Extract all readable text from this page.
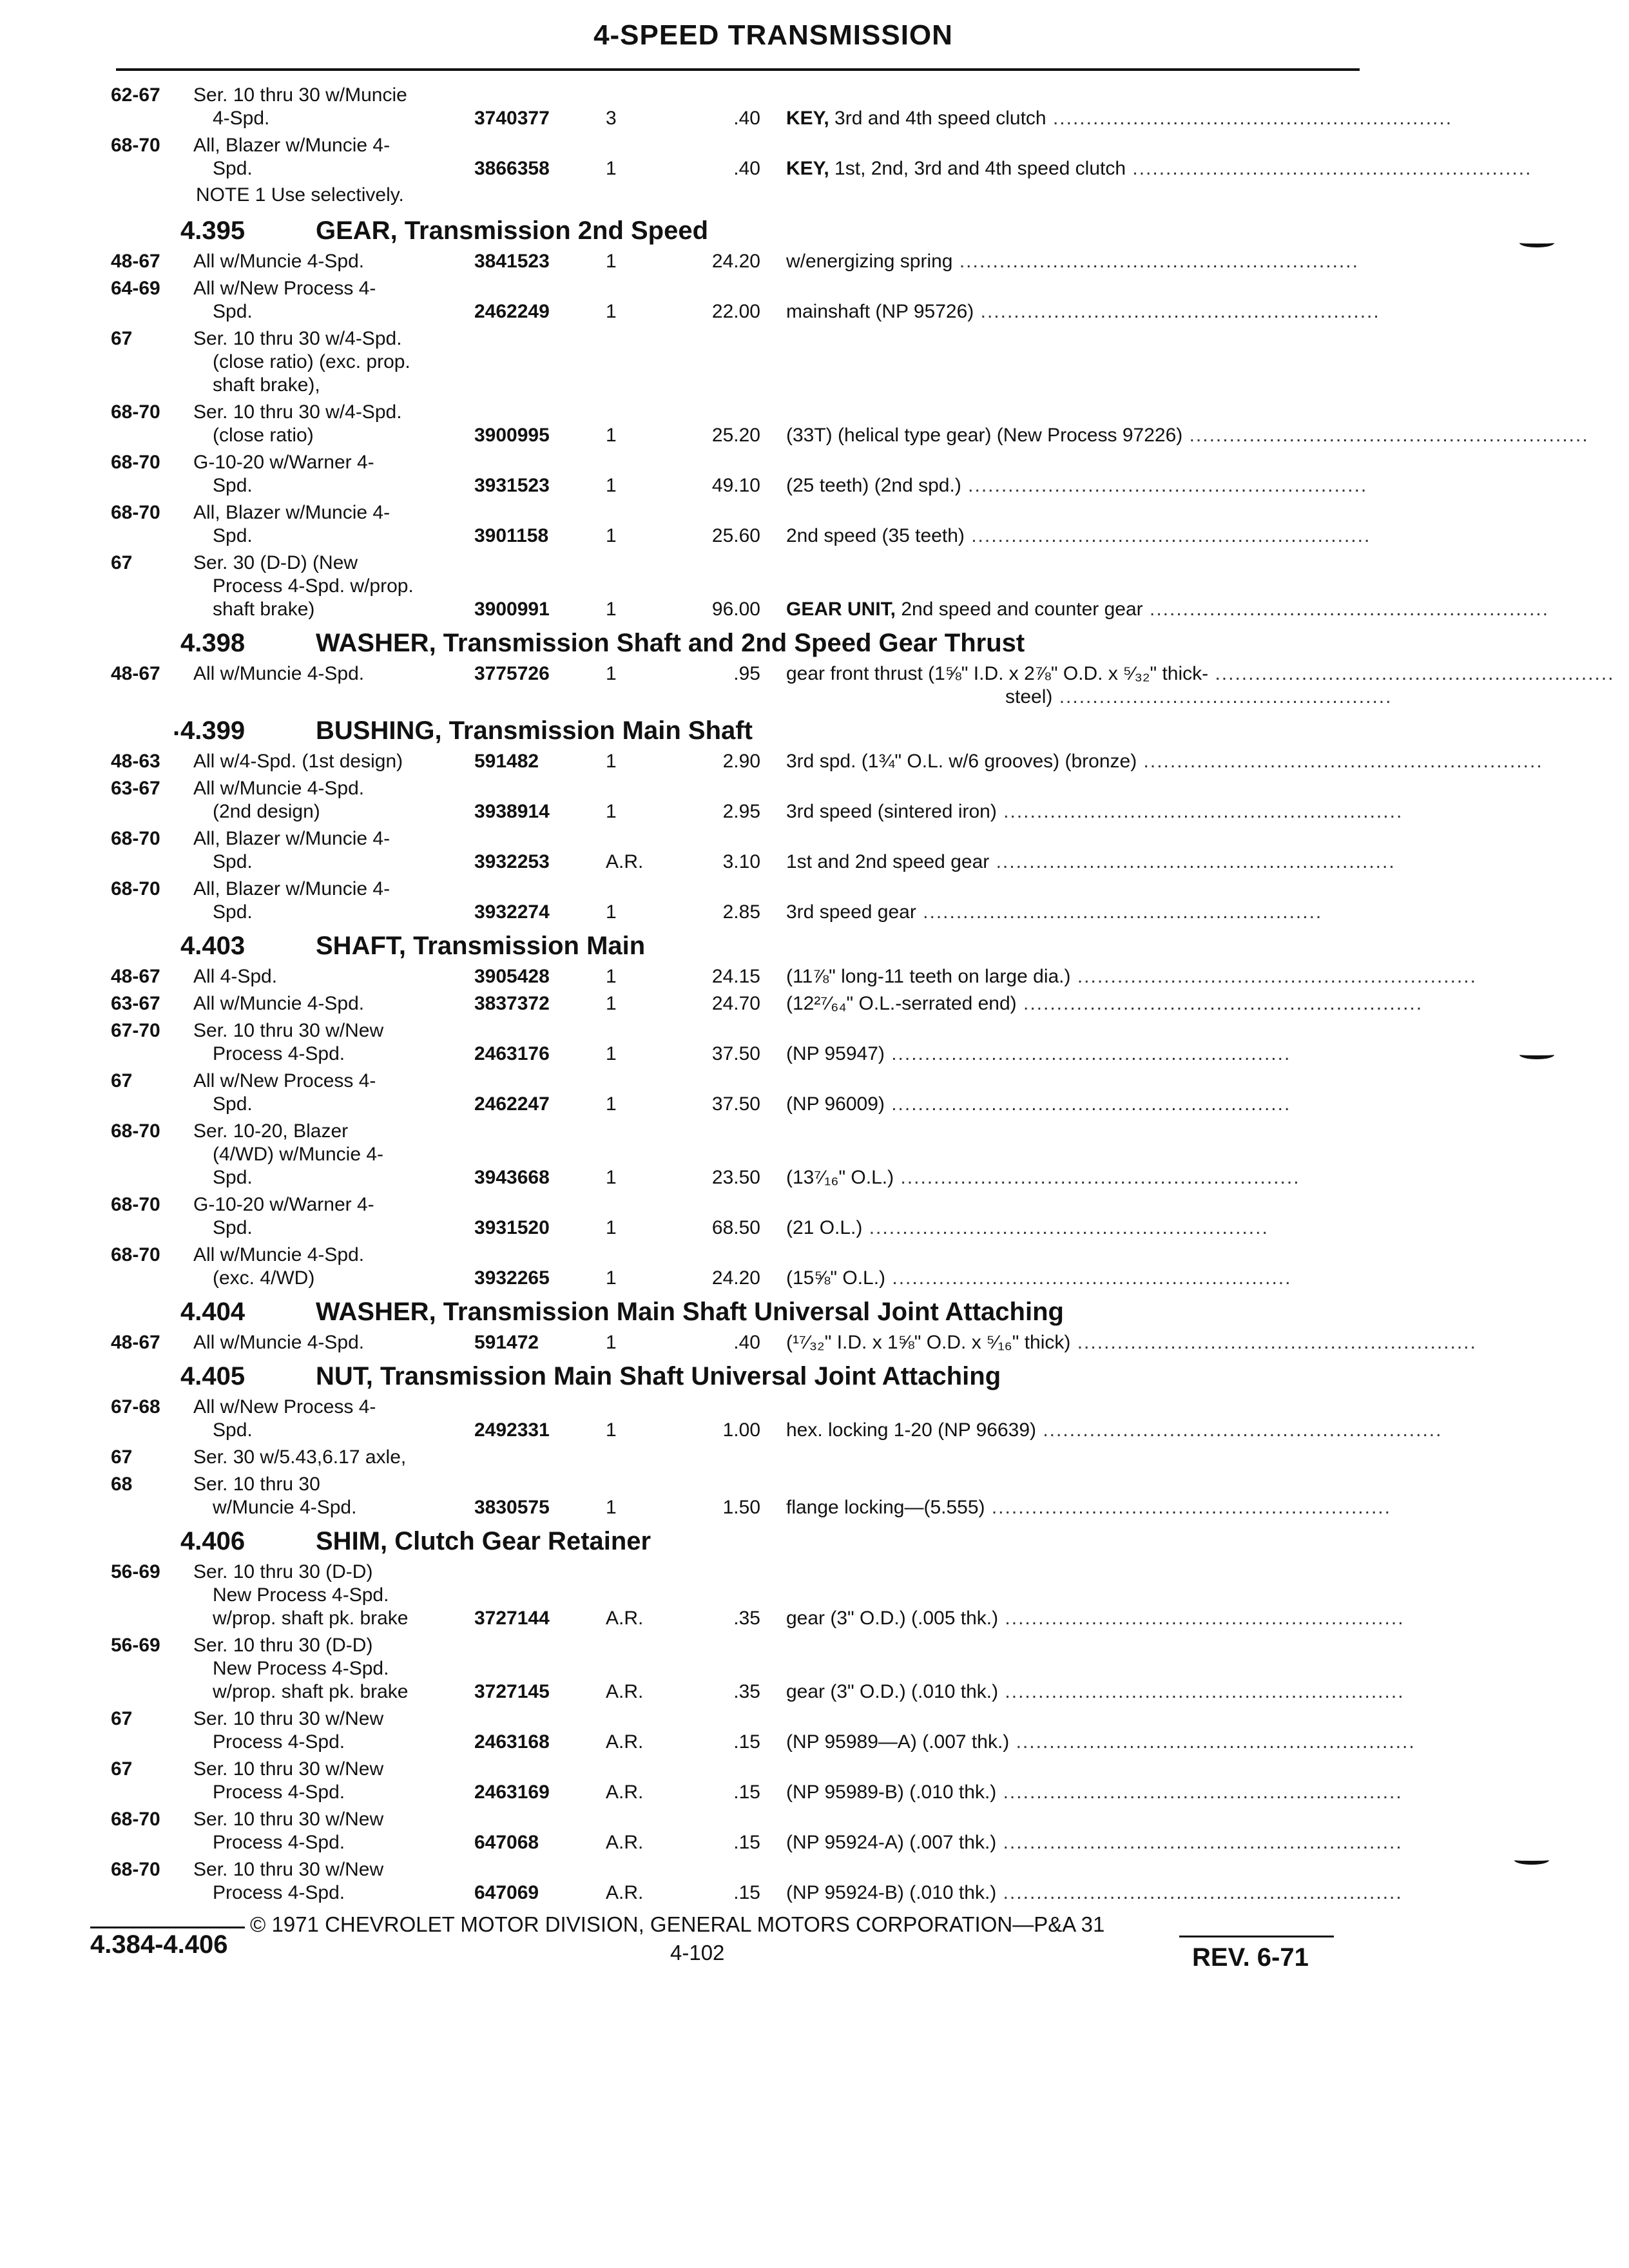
4-SPEED TRANSMISSION
62-67	Ser. 10 thru 30 w/Muncie
4-Spd.	3740377	3	.40 KEY, 3rd and 4th speed clutch ............................................................
68-70	All, Blazer w/Muncie 4-
Spd.	3866358	1	.40 KEY, 1st, 2nd, 3rd and 4th speed clutch ............................................................
4.395	GEAR, Transmission 2nd Speed
48-67	All w/Muncie 4-Spd.	3841523	1	24.20 w/energizing spring ............................................................
64-69	All w/New Process 4-
Spd.	2462249	1	22.00 mainshaft (NP 95726) ............................................................
67	Ser. 10 thru 30 w/4-Spd.
(close ratio) (exc. prop.
shaft brake),
68-70	Ser. 10 thru 30 w/4-Spd.
(close ratio)	3900995	1	25.20 (33T) (helical type gear) (New Process 97226) ............................................................
68-70	G-10-20 w/Warner 4-
Spd.	3931523	1	49.10 (25 teeth) (2nd spd.) ............................................................
68-70	All, Blazer w/Muncie 4-
Spd.	3901158	1	25.60 2nd speed (35 teeth) ............................................................
67	Ser. 30 (D-D) (New
Process 4-Spd. w/prop.
shaft brake)	3900991	1	96.00 GEAR UNIT, 2nd speed and counter gear ............................................................
4.398	WASHER, Transmission Shaft and 2nd Speed Gear Thrust
48-67	All w/Muncie 4-Spd.	3775726	1	.95 gear front thrust (1⅝" I.D. x 2⅞" O.D. x ⁵⁄₃₂" thick- ............................................................
steel) ..................................................
. 4.399	BUSHING, Transmission Main Shaft
48-63	All w/4-Spd. (1st design)	591482	1	2.90 3rd spd. (1¾" O.L. w/6 grooves) (bronze) ............................................................
63-67	All w/Muncie 4-Spd.
(2nd design)	3938914	1	2.95 3rd speed (sintered iron) ............................................................
68-70	All, Blazer w/Muncie 4-
Spd.	3932253	A.R.	3.10 1st and 2nd speed gear ............................................................
68-70	All, Blazer w/Muncie 4-
Spd.	3932274	1	2.85 3rd speed gear ............................................................
4.403	SHAFT, Transmission Main
48-67	All 4-Spd.	3905428	1	24.15 (11⅞" long-11 teeth on large dia.) ............................................................
63-67	All w/Muncie 4-Spd.	3837372	1	24.70 (12²⁷⁄₆₄" O.L.-serrated end) ............................................................
67-70	Ser. 10 thru 30 w/New
Process 4-Spd.	2463176	1	37.50 (NP 95947) ............................................................
67	All w/New Process 4-
Spd.	2462247	1	37.50 (NP 96009) ............................................................
68-70	Ser. 10-20, Blazer
(4/WD) w/Muncie 4-
Spd.	3943668	1	23.50 (13⁷⁄₁₆" O.L.) ............................................................
68-70	G-10-20 w/Warner 4-
Spd.	3931520	1	68.50 (21 O.L.) ............................................................
68-70	All w/Muncie 4-Spd.
(exc. 4/WD)	3932265	1	24.20 (15⅝" O.L.) ............................................................
4.404	WASHER, Transmission Main Shaft Universal Joint Attaching
48-67	All w/Muncie 4-Spd.	591472	1	.40 (¹⁷⁄₃₂" I.D. x 1⅝" O.D. x ⁵⁄₁₆" thick) ............................................................
4.405	NUT, Transmission Main Shaft Universal Joint Attaching
67-68	All w/New Process 4-
Spd.	2492331	1	1.00 hex. locking 1-20 (NP 96639) ............................................................
67	Ser. 30 w/5.43,6.17 axle,
68	Ser. 10 thru 30
w/Muncie 4-Spd.	3830575	1	1.50 flange locking—(5.555) ............................................................
4.406	SHIM, Clutch Gear Retainer
56-69	Ser. 10 thru 30 (D-D)
New Process 4-Spd.
w/prop. shaft pk. brake	3727144	A.R.	.35 gear (3" O.D.) (.005 thk.) ............................................................
56-69	Ser. 10 thru 30 (D-D)
New Process 4-Spd.
w/prop. shaft pk. brake	3727145	A.R.	.35 gear (3" O.D.) (.010 thk.) ............................................................
67	Ser. 10 thru 30 w/New
Process 4-Spd.	2463168	A.R.	.15 (NP 95989—A) (.007 thk.) ............................................................
67	Ser. 10 thru 30 w/New
Process 4-Spd.	2463169	A.R.	.15 (NP 95989-B) (.010 thk.) ............................................................
68-70	Ser. 10 thru 30 w/New
Process 4-Spd.	647068	A.R.	.15 (NP 95924-A) (.007 thk.) ............................................................
68-70	Ser. 10 thru 30 w/New
Process 4-Spd.	647069	A.R.	.15 (NP 95924-B) (.010 thk.) ............................................................
NOTE 1 Use selectively.
© 1971 CHEVROLET MOTOR DIVISION, GENERAL MOTORS CORPORATION—P&A 31
4.384-4.406	4-102	REV. 6-71
